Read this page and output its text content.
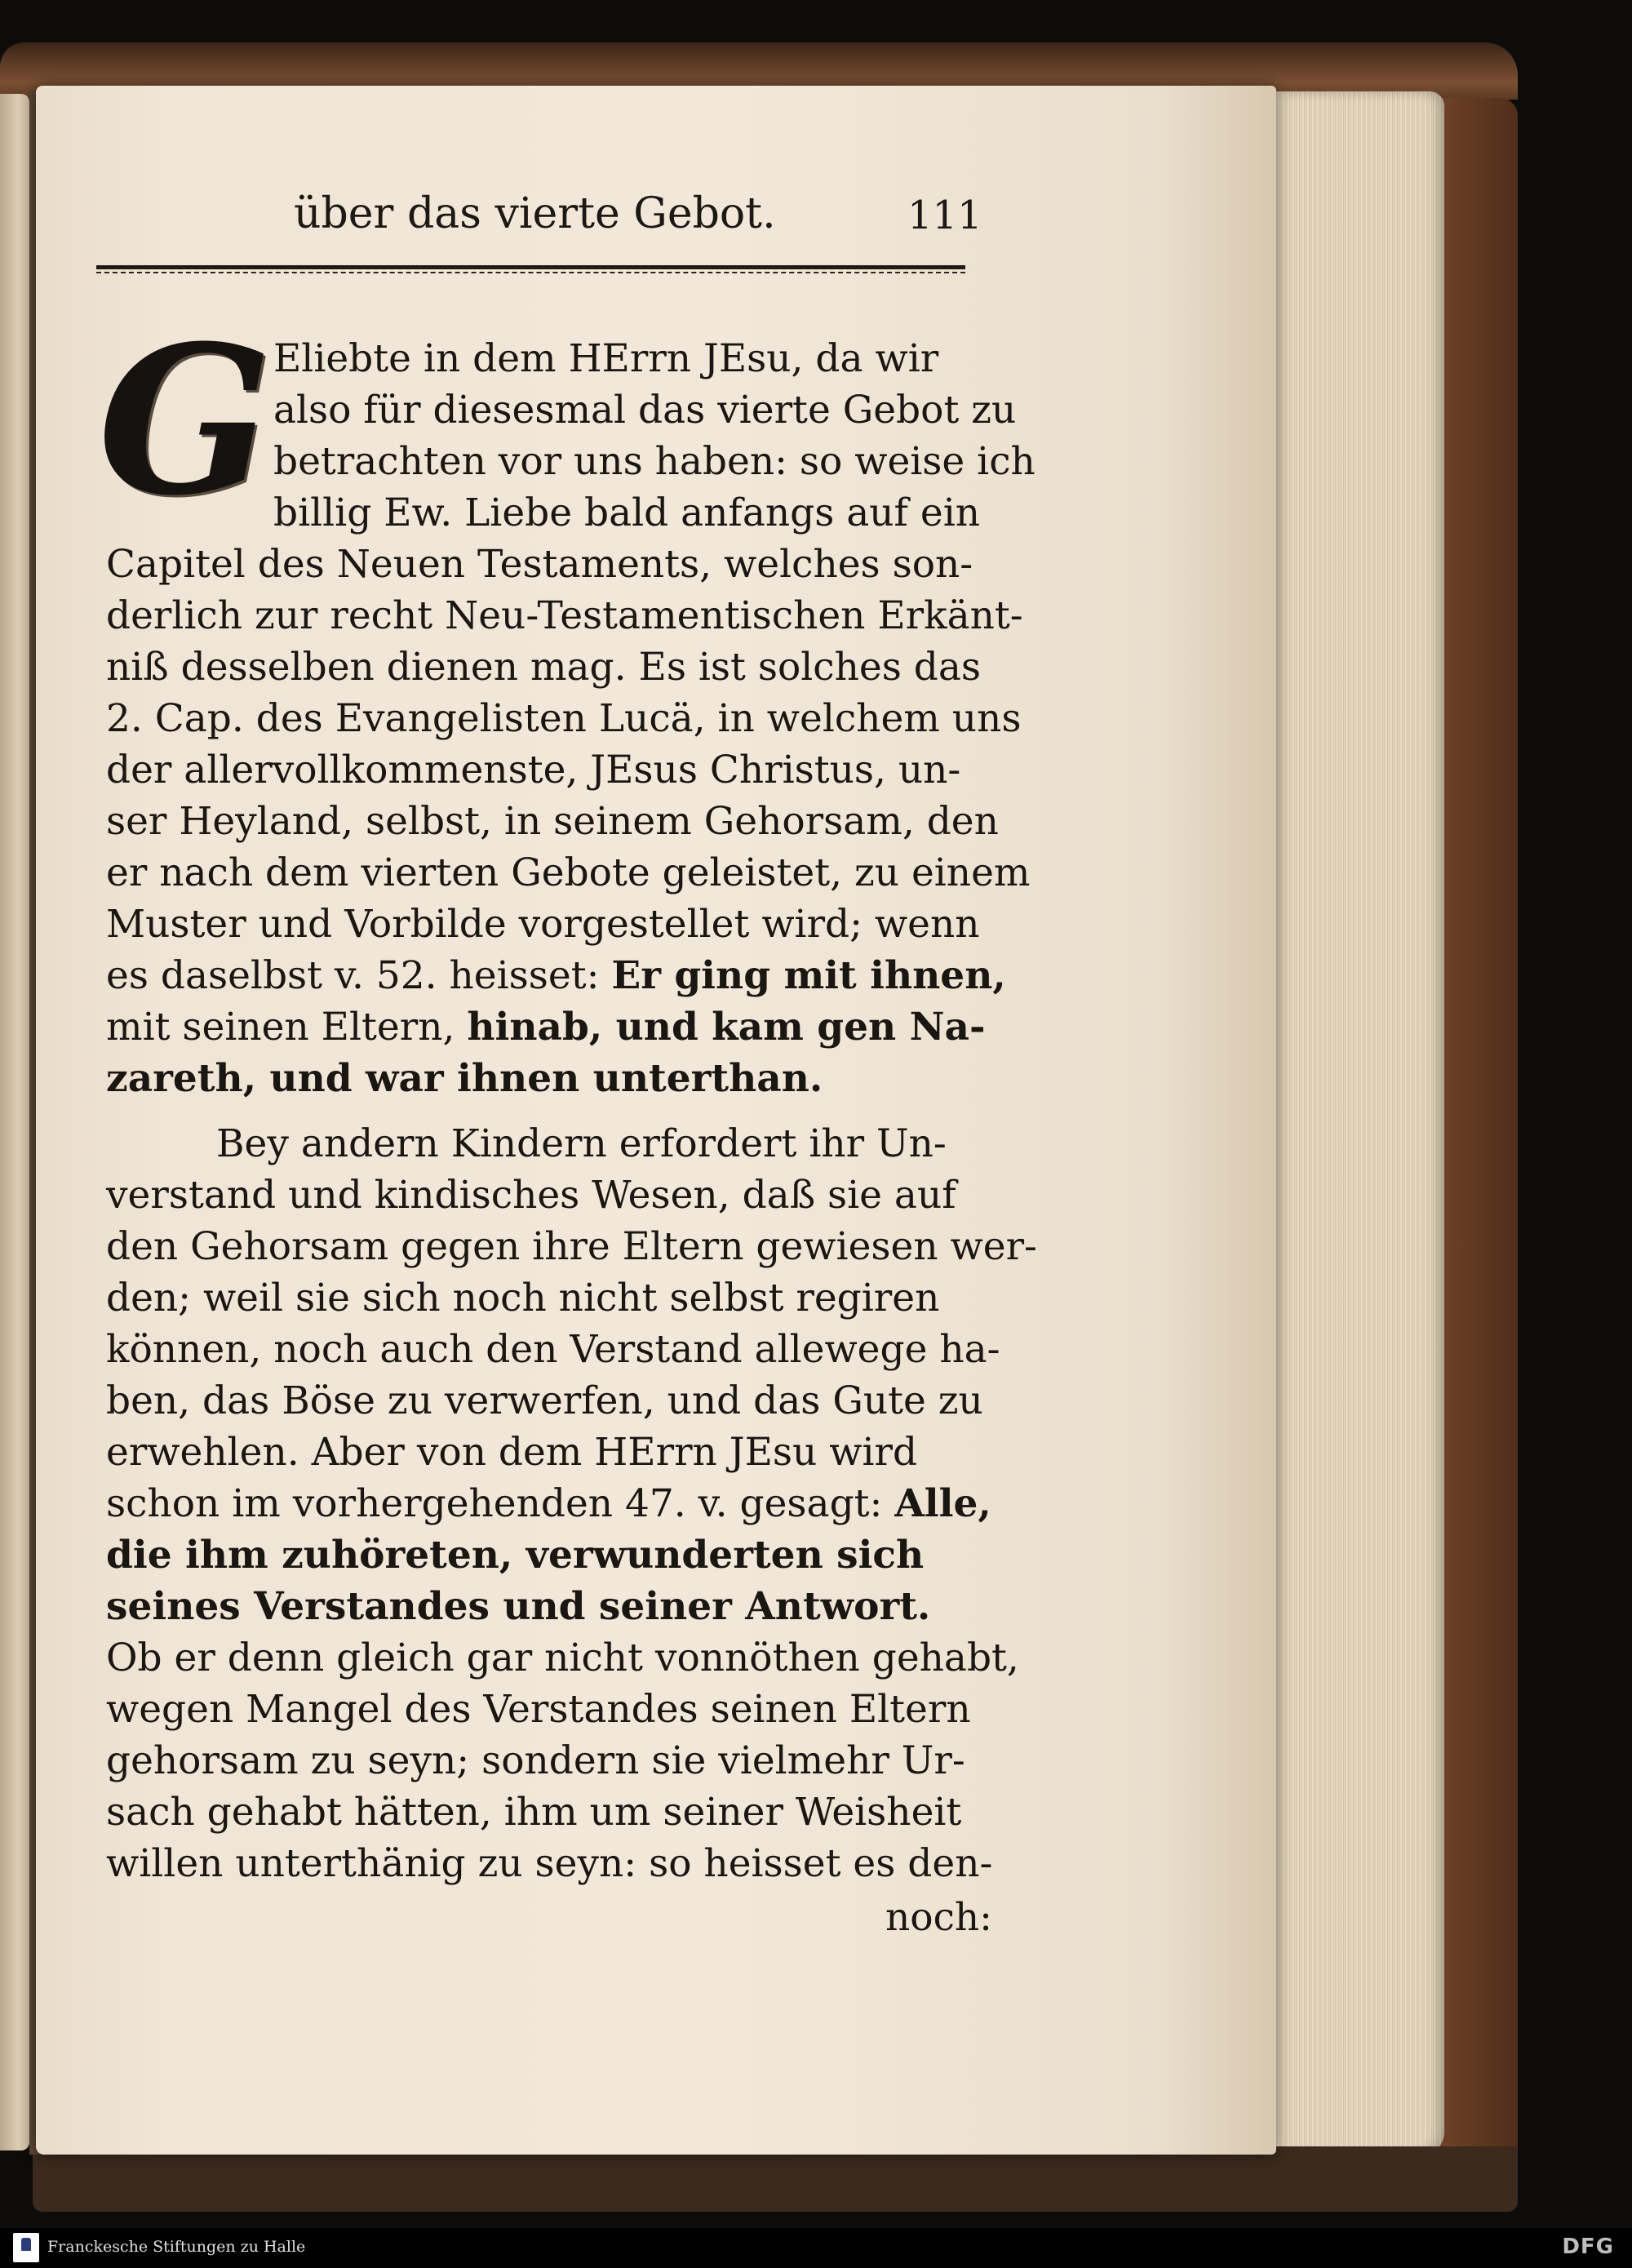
über das vierte Gebot.	111
G Eliebte in dem HErrn JEsu, da wir
also für diesesmal das vierte Gebot zu
betrachten vor uns haben: so weise ich
billig Ew. Liebe bald anfangs auf ein
Capitel des Neuen Testaments, welches son-
derlich zur recht Neu-Testamentischen Erkänt-
niß desselben dienen mag. Es ist solches das
2. Cap. des Evangelisten Lucä, in welchem uns
der allervollkommenste, JEsus Christus, un-
ser Heyland, selbst, in seinem Gehorsam, den
er nach dem vierten Gebote geleistet, zu einem
Muster und Vorbilde vorgestellet wird; wenn
es daselbst v. 52. heisset: Er ging mit ihnen,
mit seinen Eltern, hinab, und kam gen Na-
zareth, und war ihnen unterthan.
Bey andern Kindern erfordert ihr Un-
verstand und kindisches Wesen, daß sie auf
den Gehorsam gegen ihre Eltern gewiesen wer-
den; weil sie sich noch nicht selbst regiren
können, noch auch den Verstand allewege ha-
ben, das Böse zu verwerfen, und das Gute zu
erwehlen. Aber von dem HErrn JEsu wird
schon im vorhergehenden 47. v. gesagt: Alle,
die ihm zuhöreten, verwunderten sich
seines Verstandes und seiner Antwort.
Ob er denn gleich gar nicht vonnöthen gehabt,
wegen Mangel des Verstandes seinen Eltern
gehorsam zu seyn; sondern sie vielmehr Ur-
sach gehabt hätten, ihm um seiner Weisheit
willen unterthänig zu seyn: so heisset es den-
noch:
Franckesche Stiftungen zu Halle	DFG
